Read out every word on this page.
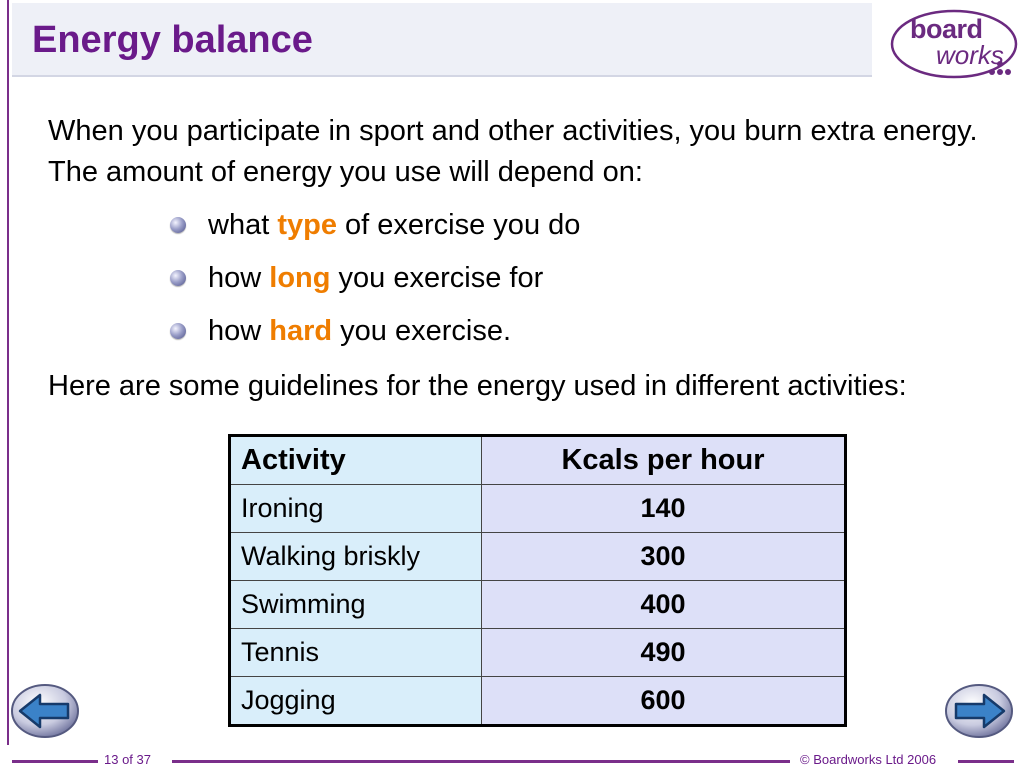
Energy balance	board
works

When you participate in sport and other activities, you burn extra energy. The amount of energy you use will depend on:

what type of exercise you do
how long you exercise for
how hard you exercise.

Here are some guidelines for the energy used in different activities:

Activity	Kcals per hour
Ironing	140
Walking briskly	300
Swimming	400
Tennis	490
Jogging	600
13 of 37	© Boardworks Ltd 2006
